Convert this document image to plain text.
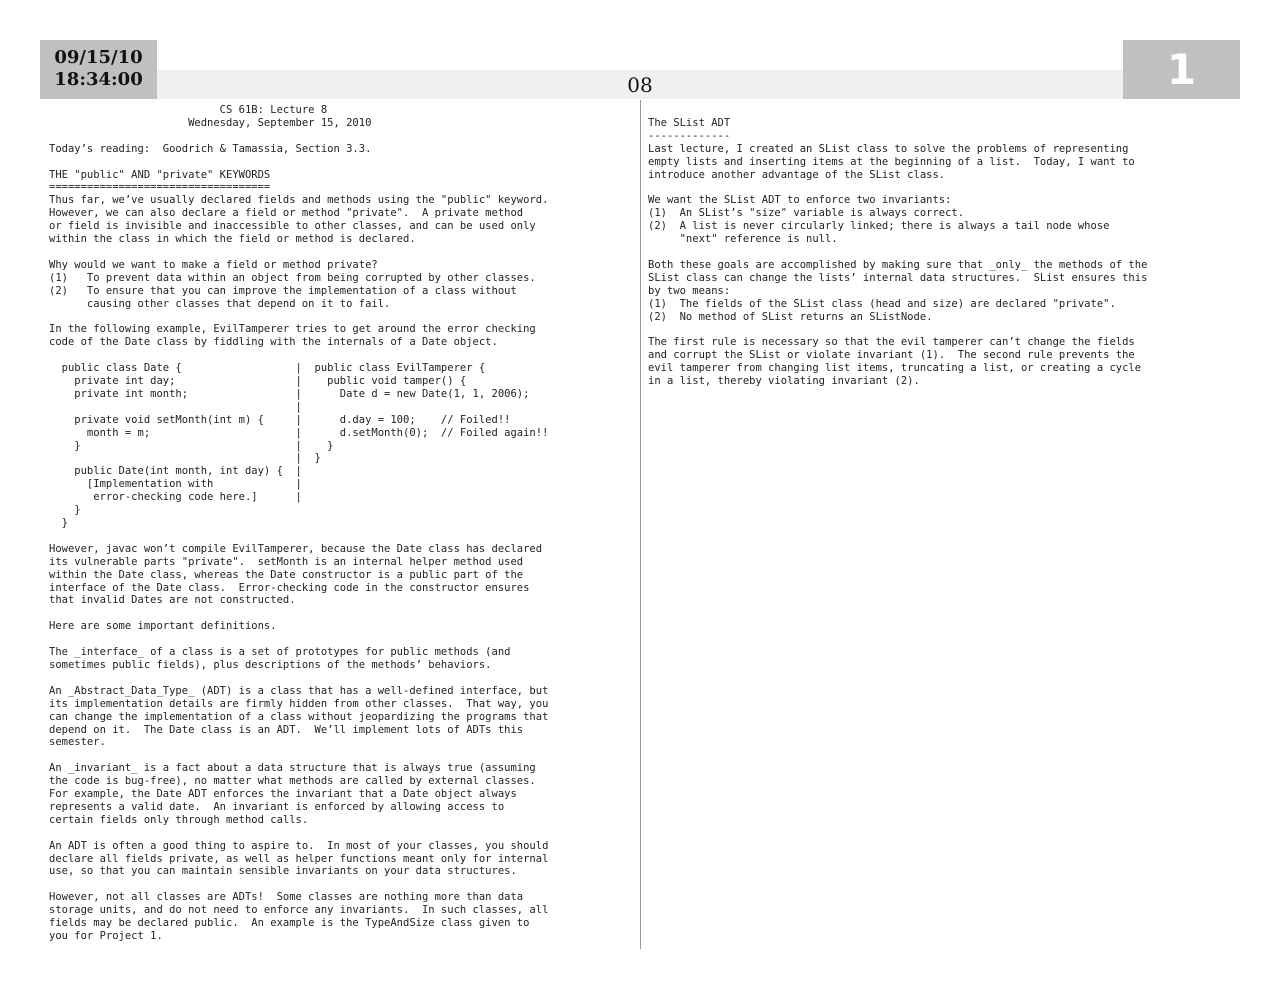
09/15/10
18:34:00	08	1
CS 61B: Lecture 8
Wednesday, September 15, 2010

Today’s reading:  Goodrich & Tamassia, Section 3.3.

THE "public" AND "private" KEYWORDS
===================================
Thus far, we’ve usually declared fields and methods using the "public" keyword.
However, we can also declare a field or method "private".  A private method
or field is invisible and inaccessible to other classes, and can be used only
within the class in which the field or method is declared.

Why would we want to make a field or method private?
(1)   To prevent data within an object from being corrupted by other classes.
(2)   To ensure that you can improve the implementation of a class without
causing other classes that depend on it to fail.

In the following example, EvilTamperer tries to get around the error checking
code of the Date class by fiddling with the internals of a Date object.

public class Date {                  |  public class EvilTamperer {
private int day;                   |    public void tamper() {
private int month;                 |      Date d = new Date(1, 1, 2006);
|
private void setMonth(int m) {     |      d.day = 100;    // Foiled!!
month = m;                       |      d.setMonth(0);  // Foiled again!!
}                                  |    }
|  }
public Date(int month, int day) {  |
[Implementation with             |
error-checking code here.]      |
}
}

However, javac won’t compile EvilTamperer, because the Date class has declared
its vulnerable parts "private".  setMonth is an internal helper method used
within the Date class, whereas the Date constructor is a public part of the
interface of the Date class.  Error-checking code in the constructor ensures
that invalid Dates are not constructed.

Here are some important definitions.

The _interface_ of a class is a set of prototypes for public methods (and
sometimes public fields), plus descriptions of the methods’ behaviors.

An _Abstract_Data_Type_ (ADT) is a class that has a well-defined interface, but
its implementation details are firmly hidden from other classes.  That way, you
can change the implementation of a class without jeopardizing the programs that
depend on it.  The Date class is an ADT.  We’ll implement lots of ADTs this
semester.

An _invariant_ is a fact about a data structure that is always true (assuming
the code is bug-free), no matter what methods are called by external classes.
For example, the Date ADT enforces the invariant that a Date object always
represents a valid date.  An invariant is enforced by allowing access to
certain fields only through method calls.

An ADT is often a good thing to aspire to.  In most of your classes, you should
declare all fields private, as well as helper functions meant only for internal
use, so that you can maintain sensible invariants on your data structures.

However, not all classes are ADTs!  Some classes are nothing more than data
storage units, and do not need to enforce any invariants.  In such classes, all
fields may be declared public.  An example is the TypeAndSize class given to
you for Project 1.

The SList ADT
-------------
Last lecture, I created an SList class to solve the problems of representing
empty lists and inserting items at the beginning of a list.  Today, I want to
introduce another advantage of the SList class.

We want the SList ADT to enforce two invariants:
(1)  An SList’s "size" variable is always correct.
(2)  A list is never circularly linked; there is always a tail node whose
"next" reference is null.

Both these goals are accomplished by making sure that _only_ the methods of the
SList class can change the lists’ internal data structures.  SList ensures this
by two means:
(1)  The fields of the SList class (head and size) are declared "private".
(2)  No method of SList returns an SListNode.

The first rule is necessary so that the evil tamperer can’t change the fields
and corrupt the SList or violate invariant (1).  The second rule prevents the
evil tamperer from changing list items, truncating a list, or creating a cycle
in a list, thereby violating invariant (2).
